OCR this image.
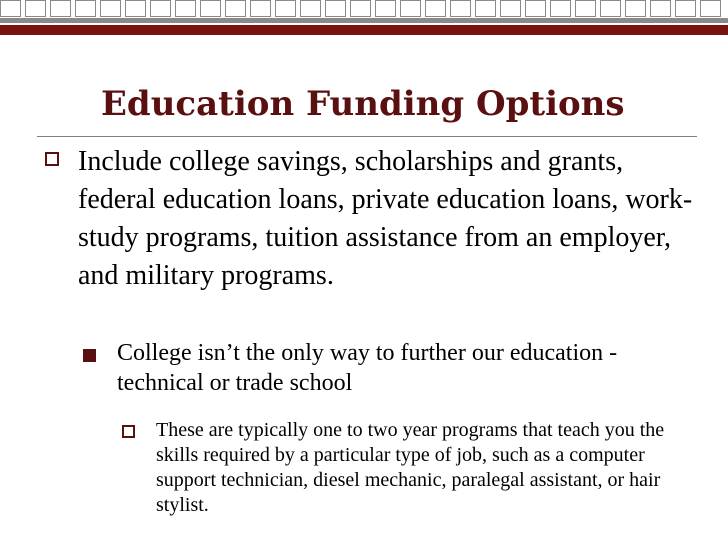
Education Funding Options
Include college savings, scholarships and grants, federal education loans, private education loans, work-study programs, tuition assistance from an employer, and military programs.
College isn’t the only way to further our education - technical or trade school
These are typically one to two year programs that teach you the skills required by a particular type of job, such as a computer support technician, diesel mechanic, paralegal assistant, or hair stylist.
